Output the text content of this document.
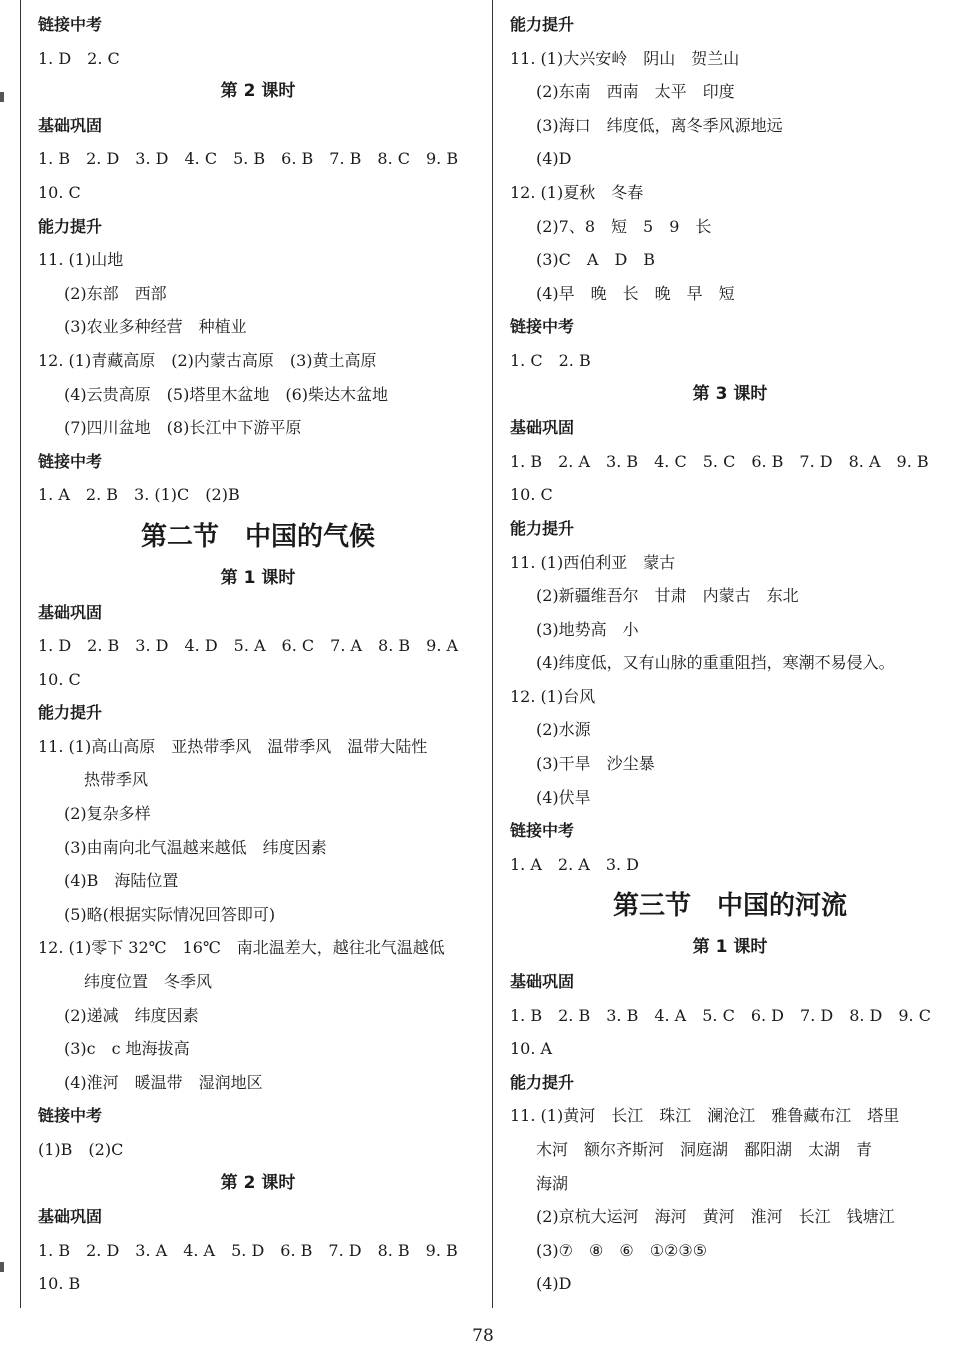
链接中考
1. D　2. C
第 2 课时
基础巩固
1. B　2. D　3. D　4. C　5. B　6. B　7. B　8. C　9. B
10. C
能力提升
11. (1)山地
(2)东部　西部
(3)农业多种经营　种植业
12. (1)青藏高原　(2)内蒙古高原　(3)黄土高原
(4)云贵高原　(5)塔里木盆地　(6)柴达木盆地
(7)四川盆地　(8)长江中下游平原
链接中考
1. A　2. B　3. (1)C　(2)B
第二节　中国的气候
第 1 课时
基础巩固
1. D　2. B　3. D　4. D　5. A　6. C　7. A　8. B　9. A
10. C
能力提升
11. (1)高山高原　亚热带季风　温带季风　温带大陆性
热带季风
(2)复杂多样
(3)由南向北气温越来越低　纬度因素
(4)B　海陆位置
(5)略(根据实际情况回答即可)
12. (1)零下 32℃　16℃　南北温差大，越往北气温越低
纬度位置　冬季风
(2)递减　纬度因素
(3)c　c 地海拔高
(4)淮河　暖温带　湿润地区
链接中考
(1)B　(2)C
第 2 课时
基础巩固
1. B　2. D　3. A　4. A　5. D　6. B　7. D　8. B　9. B
10. B
能力提升
11. (1)大兴安岭　阴山　贺兰山
(2)东南　西南　太平　印度
(3)海口　纬度低，离冬季风源地远
(4)D
12. (1)夏秋　冬春
(2)7、8　短　5　9　长
(3)C　A　D　B
(4)早　晚　长　晚　早　短
链接中考
1. C　2. B
第 3 课时
基础巩固
1. B　2. A　3. B　4. C　5. C　6. B　7. D　8. A　9. B
10. C
能力提升
11. (1)西伯利亚　蒙古
(2)新疆维吾尔　甘肃　内蒙古　东北
(3)地势高　小
(4)纬度低，又有山脉的重重阻挡，寒潮不易侵入。
12. (1)台风
(2)水源
(3)干旱　沙尘暴
(4)伏旱
链接中考
1. A　2. A　3. D
第三节　中国的河流
第 1 课时
基础巩固
1. B　2. B　3. B　4. A　5. C　6. D　7. D　8. D　9. C
10. A
能力提升
11. (1)黄河　长江　珠江　澜沧江　雅鲁藏布江　塔里
木河　额尔齐斯河　洞庭湖　鄱阳湖　太湖　青
海湖
(2)京杭大运河　海河　黄河　淮河　长江　钱塘江
(3)⑦　⑧　⑥　①②③⑤
(4)D
78
